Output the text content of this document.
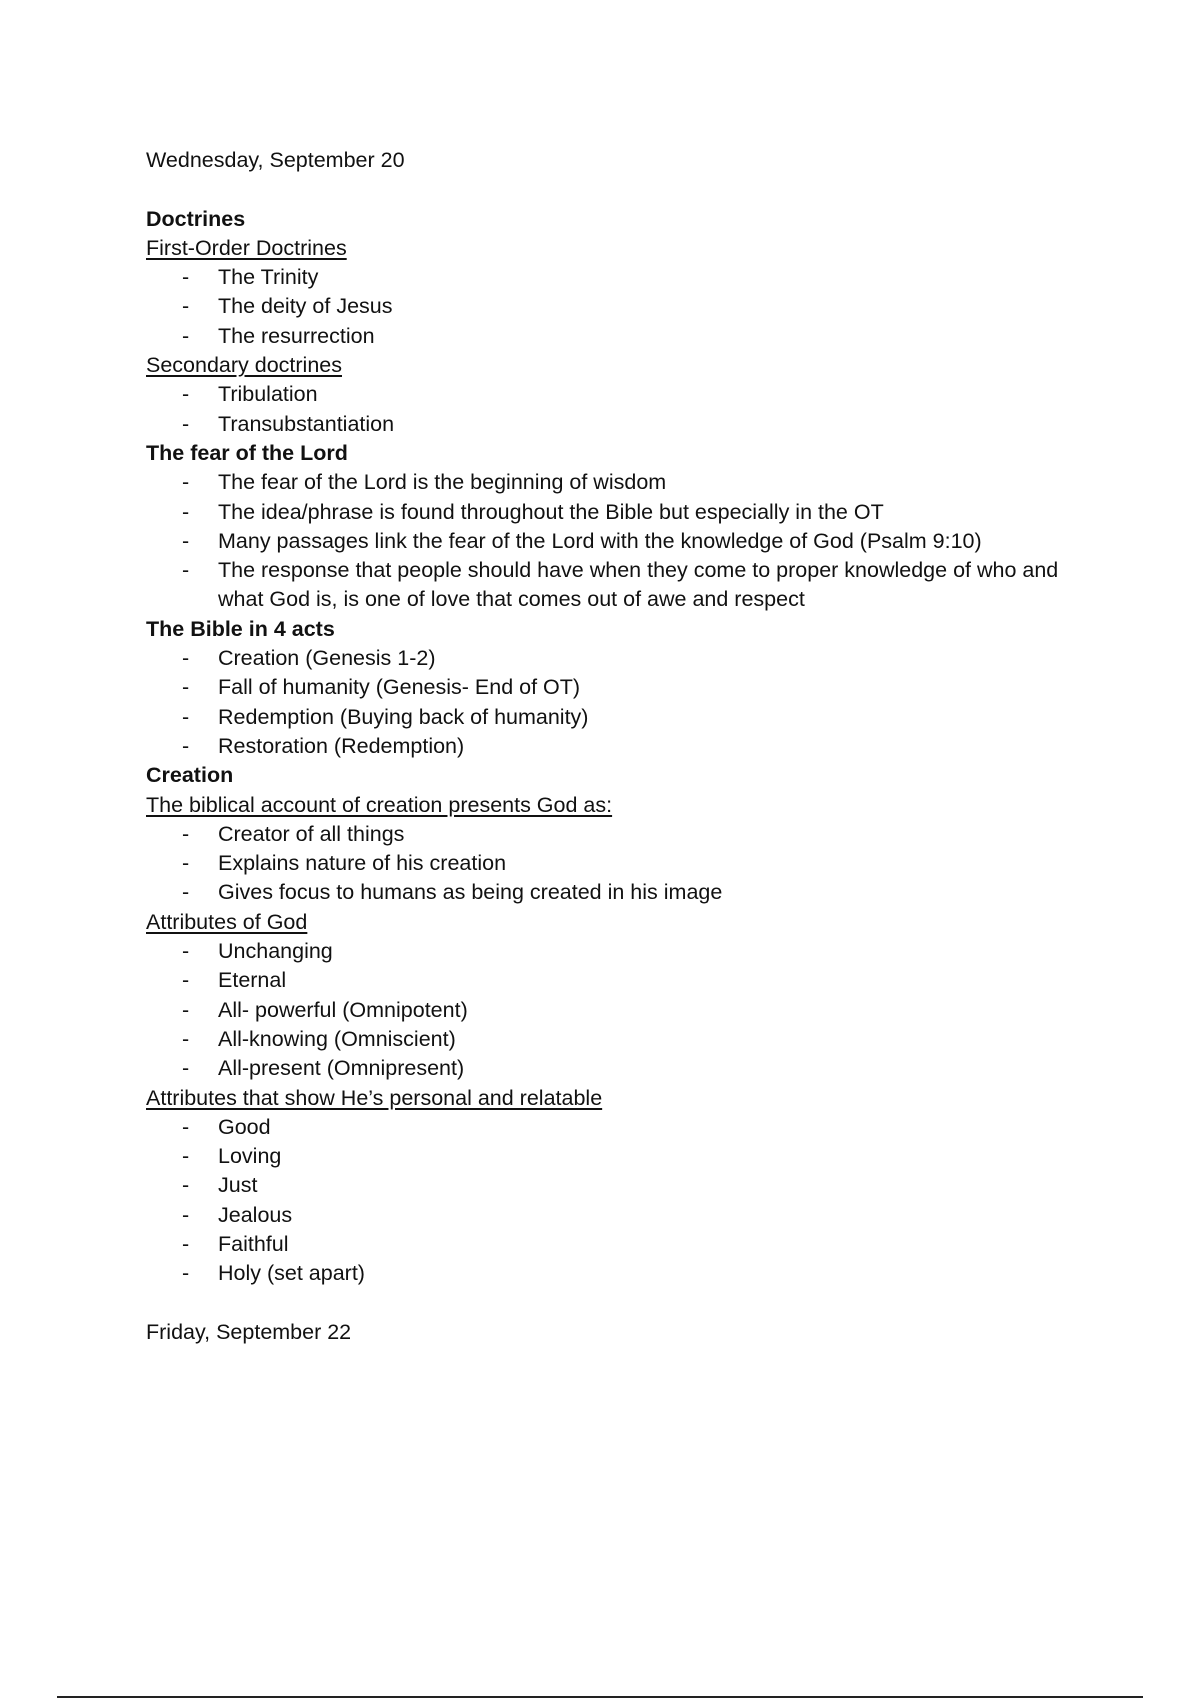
Wednesday, September 20

Doctrines

First-Order Doctrines

- The Trinity
- The deity of Jesus
- The resurrection

Secondary doctrines

- Tribulation
- Transubstantiation

The fear of the Lord

- The fear of the Lord is the beginning of wisdom
- The idea/phrase is found throughout the Bible but especially in the OT
- Many passages link the fear of the Lord with the knowledge of God (Psalm 9:10)
- The response that people should have when they come to proper knowledge of who and what God is, is one of love that comes out of awe and respect

The Bible in 4 acts

- Creation (Genesis 1-2)
- Fall of humanity (Genesis- End of OT)
- Redemption (Buying back of humanity)
- Restoration (Redemption)

Creation

The biblical account of creation presents God as:

- Creator of all things
- Explains nature of his creation
- Gives focus to humans as being created in his image

Attributes of God

- Unchanging
- Eternal
- All- powerful (Omnipotent)
- All-knowing (Omniscient)
- All-present (Omnipresent)

Attributes that show He’s personal and relatable

- Good
- Loving
- Just
- Jealous
- Faithful
- Holy (set apart)

Friday, September 22
